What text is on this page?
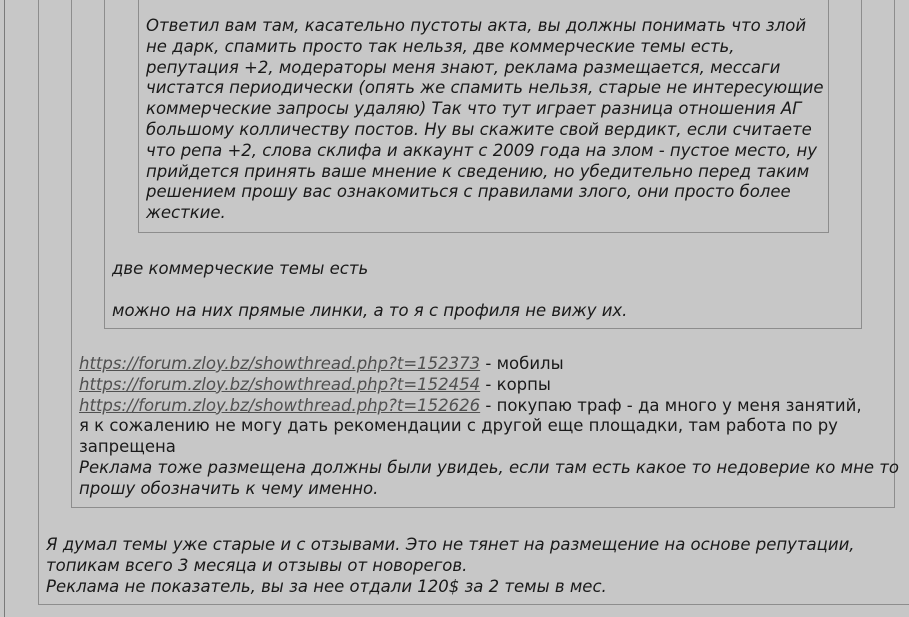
Ответил вам там, касательно пустоты акта, вы должны понимать что злой
не дарк, спамить просто так нельзя, две коммерческие темы есть,
репутация +2, модераторы меня знают, реклама размещается, мессаги
чистатся периодически (опять же спамить нельзя, старые не интересующие
коммерческие запросы удаляю) Так что тут играет разница отношения АГ
большому колличеству постов. Ну вы скажите свой вердикт, если считаете
что репа +2, слова склифа и аккаунт с 2009 года на злом - пустое место, ну
прийдется принять ваше мнение к сведению, но убедительно перед таким
решением прошу вас ознакомиться с правилами злого, они просто более
жесткие.
две коммерческие темы есть
можно на них прямые линки, а то я с профиля не вижу их.
https://forum.zloy.bz/showthread.php?t=152373 - мобилы
https://forum.zloy.bz/showthread.php?t=152454 - корпы
https://forum.zloy.bz/showthread.php?t=152626 - покупаю траф - да много у меня занятий,
я к сожалению не могу дать рекомендации с другой еще площадки, там работа по ру
запрещена
Реклама тоже размещена должны были увидеь, если там есть какое то недоверие ко мне то
прошу обозначить к чему именно.
Я думал темы уже старые и с отзывами. Это не тянет на размещение на основе репутации,
топикам всего 3 месяца и отзывы от новорегов.
Реклама не показатель, вы за нее отдали 120$ за 2 темы в мес.
